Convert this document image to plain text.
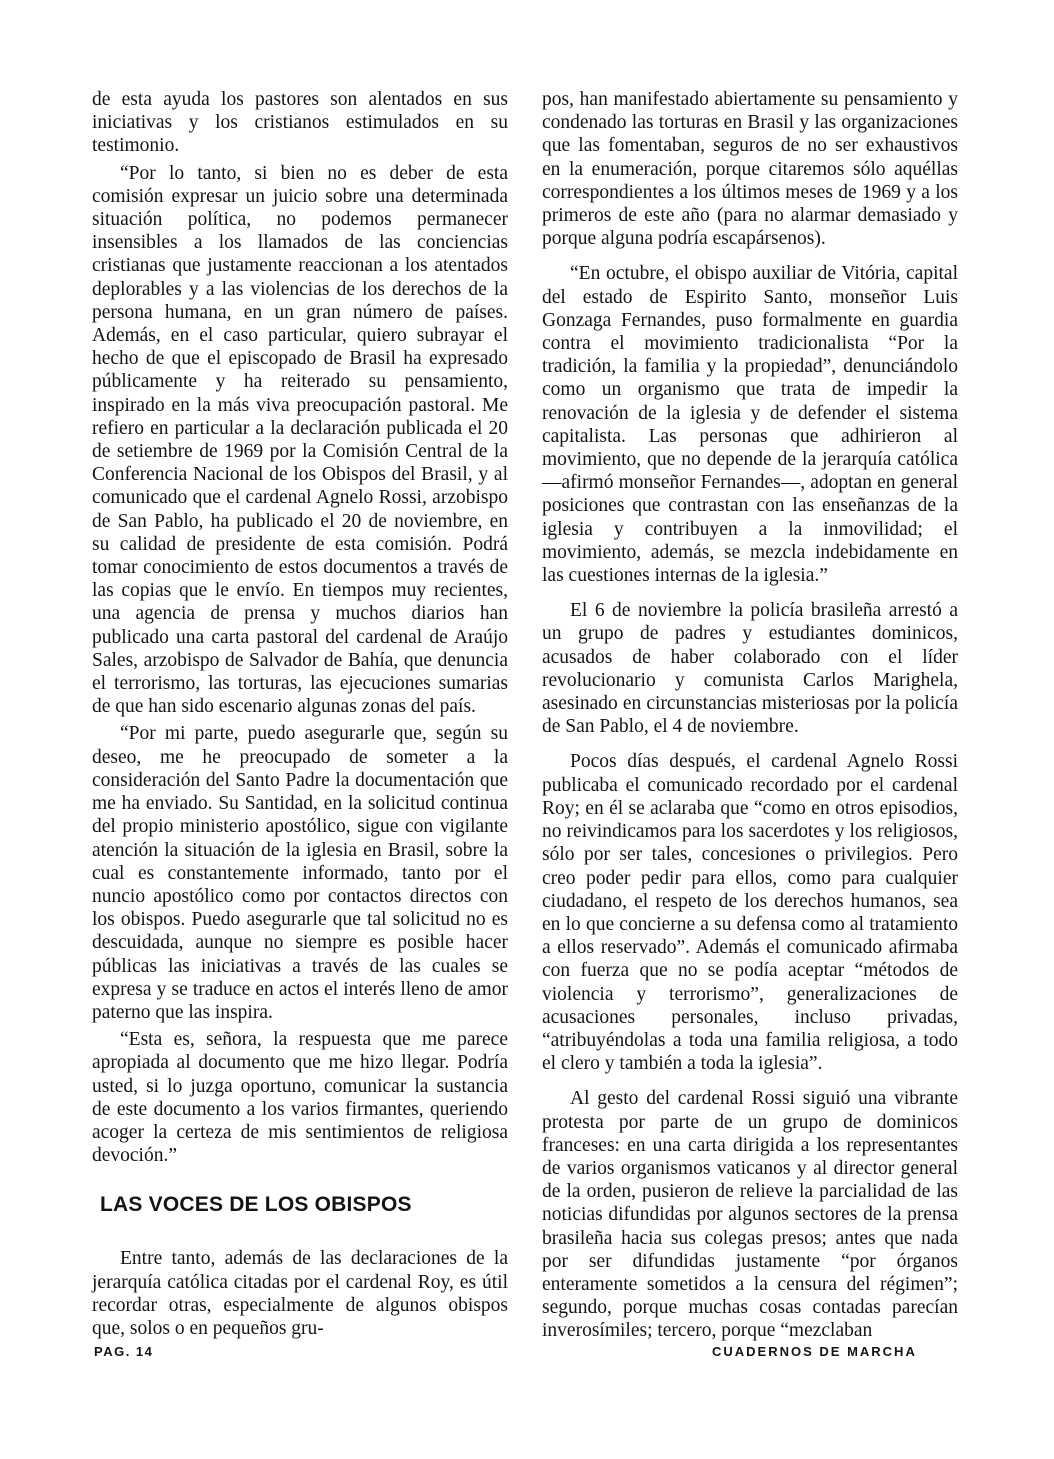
de esta ayuda los pastores son alentados en sus iniciativas y los cristianos estimulados en su testimonio.

“Por lo tanto, si bien no es deber de esta comisión expresar un juicio sobre una determinada situación política, no podemos permanecer insensibles a los llamados de las conciencias cristianas que justamente reaccionan a los atentados deplorables y a las violencias de los derechos de la persona humana, en un gran número de países. Además, en el caso particular, quiero subrayar el hecho de que el episcopado de Brasil ha expresado públicamente y ha reiterado su pensamiento, inspirado en la más viva preocupación pastoral. Me refiero en particular a la declaración publicada el 20 de setiembre de 1969 por la Comisión Central de la Conferencia Nacional de los Obispos del Brasil, y al comunicado que el cardenal Agnelo Rossi, arzobispo de San Pablo, ha publicado el 20 de noviembre, en su calidad de presidente de esta comisión. Podrá tomar conocimiento de estos documentos a través de las copias que le envío. En tiempos muy recientes, una agencia de prensa y muchos diarios han publicado una carta pastoral del cardenal de Araújo Sales, arzobispo de Salvador de Bahía, que denuncia el terrorismo, las torturas, las ejecuciones sumarias de que han sido escenario algunas zonas del país.

“Por mi parte, puedo asegurarle que, según su deseo, me he preocupado de someter a la consideración del Santo Padre la documentación que me ha enviado. Su Santidad, en la solicitud continua del propio ministerio apostólico, sigue con vigilante atención la situación de la iglesia en Brasil, sobre la cual es constantemente informado, tanto por el nuncio apostólico como por contactos directos con los obispos. Puedo asegurarle que tal solicitud no es descuidada, aunque no siempre es posible hacer públicas las iniciativas a través de las cuales se expresa y se traduce en actos el interés lleno de amor paterno que las inspira.

“Esta es, señora, la respuesta que me parece apropiada al documento que me hizo llegar. Podría usted, si lo juzga oportuno, comunicar la sustancia de este documento a los varios firmantes, queriendo acoger la certeza de mis sentimientos de religiosa devoción.”

LAS VOCES DE LOS OBISPOS

Entre tanto, además de las declaraciones de la jerarquía católica citadas por el cardenal Roy, es útil recordar otras, especialmente de algunos obispos que, solos o en pequeños gru-

pos, han manifestado abiertamente su pensamiento y condenado las torturas en Brasil y las organizaciones que las fomentaban, seguros de no ser exhaustivos en la enumeración, porque citaremos sólo aquéllas correspondientes a los últimos meses de 1969 y a los primeros de este año (para no alarmar demasiado y porque alguna podría escapársenos).

“En octubre, el obispo auxiliar de Vitória, capital del estado de Espirito Santo, monseñor Luis Gonzaga Fernandes, puso formalmente en guardia contra el movimiento tradicionalista “Por la tradición, la familia y la propiedad”, denunciándolo como un organismo que trata de impedir la renovación de la iglesia y de defender el sistema capitalista. Las personas que adhirieron al movimiento, que no depende de la jerarquía católica —afirmó monseñor Fernandes—, adoptan en general posiciones que contrastan con las enseñanzas de la iglesia y contribuyen a la inmovilidad; el movimiento, además, se mezcla indebidamente en las cuestiones internas de la iglesia.”

El 6 de noviembre la policía brasileña arrestó a un grupo de padres y estudiantes dominicos, acusados de haber colaborado con el líder revolucionario y comunista Carlos Marighela, asesinado en circunstancias misteriosas por la policía de San Pablo, el 4 de noviembre.

Pocos días después, el cardenal Agnelo Rossi publicaba el comunicado recordado por el cardenal Roy; en él se aclaraba que “como en otros episodios, no reivindicamos para los sacerdotes y los religiosos, sólo por ser tales, concesiones o privilegios. Pero creo poder pedir para ellos, como para cualquier ciudadano, el respeto de los derechos humanos, sea en lo que concierne a su defensa como al tratamiento a ellos reservado”. Además el comunicado afirmaba con fuerza que no se podía aceptar “métodos de violencia y terrorismo”, generalizaciones de acusaciones personales, incluso privadas, “atribuyéndolas a toda una familia religiosa, a todo el clero y también a toda la iglesia”.

Al gesto del cardenal Rossi siguió una vibrante protesta por parte de un grupo de dominicos franceses: en una carta dirigida a los representantes de varios organismos vaticanos y al director general de la orden, pusieron de relieve la parcialidad de las noticias difundidas por algunos sectores de la prensa brasileña hacia sus colegas presos; antes que nada por ser difundidas justamente “por órganos enteramente sometidos a la censura del régimen”; segundo, porque muchas cosas contadas parecían inverosímiles; tercero, porque “mezclaban

PAG. 14	CUADERNOS DE MARCHA
